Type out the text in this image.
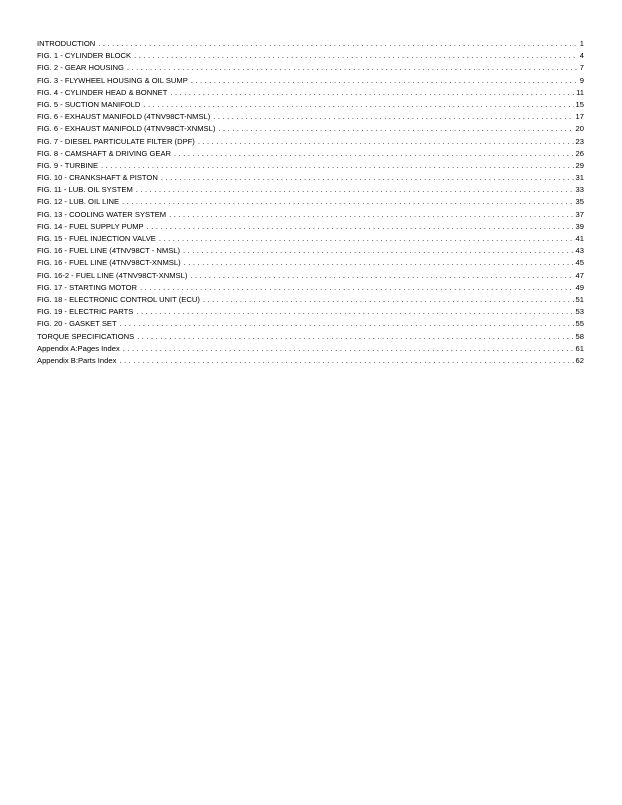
INTRODUCTION . . .	1
FIG. 1 - CYLINDER BLOCK . . .	4
FIG. 2 - GEAR HOUSING . . .	7
FIG. 3 - FLYWHEEL HOUSING & OIL SUMP . . .	9
FIG. 4 - CYLINDER HEAD & BONNET . . .	11
FIG. 5 - SUCTION MANIFOLD . . .	15
FIG. 6 - EXHAUST MANIFOLD (4TNV98CT-NMSL) . . .	17
FIG. 6 - EXHAUST MANIFOLD (4TNV98CT-XNMSL) . . .	20
FIG. 7 - DIESEL PARTICULATE FILTER (DPF) . . .	23
FIG. 8 - CAMSHAFT & DRIVING GEAR . . .	26
FIG. 9 - TURBINE . . .	29
FIG. 10 - CRANKSHAFT & PISTON . . .	31
FIG. 11 - LUB. OIL SYSTEM . . .	33
FIG. 12 - LUB. OIL LINE . . .	35
FIG. 13 - COOLING WATER SYSTEM . . .	37
FIG. 14 - FUEL SUPPLY PUMP . . .	39
FIG. 15 - FUEL INJECTION VALVE . . .	41
FIG. 16 - FUEL LINE (4TNV98CT - NMSL) . . .	43
FIG. 16 - FUEL LINE (4TNV98CT-XNMSL) . . .	45
FIG. 16-2 - FUEL LINE (4TNV98CT-XNMSL) . . .	47
FIG. 17 - STARTING MOTOR . . .	49
FIG. 18 - ELECTRONIC CONTROL UNIT (ECU) . . .	51
FIG. 19 - ELECTRIC PARTS . . .	53
FIG. 20 - GASKET SET . . .	55
TORQUE SPECIFICATIONS . . .	58
Appendix A:Pages Index . . .	61
Appendix B:Parts Index . . .	62
